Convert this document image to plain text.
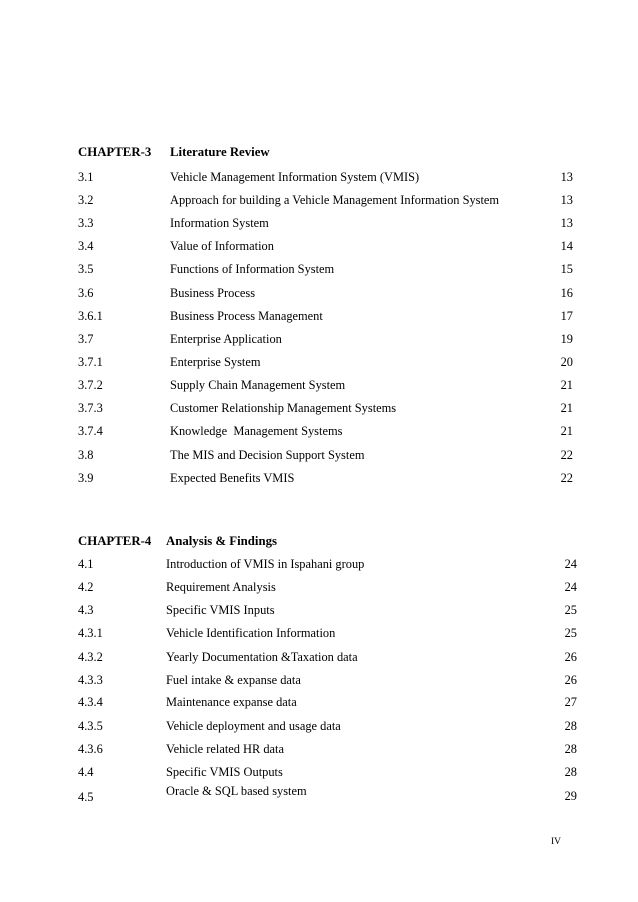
CHAPTER-3 Literature Review
3.1	Vehicle Management Information System (VMIS)	13
3.2	Approach for building a Vehicle Management Information System	13
3.3	Information System	13
3.4	Value of Information	14
3.5	Functions of Information System	15
3.6	Business Process	16
3.6.1	Business Process Management	17
3.7	Enterprise Application	19
3.7.1	Enterprise System	20
3.7.2	Supply Chain Management System	21
3.7.3	Customer Relationship Management Systems	21
3.7.4	Knowledge  Management Systems	21
3.8	The MIS and Decision Support System	22
3.9	Expected Benefits VMIS	22
CHAPTER-4 Analysis & Findings
4.1	Introduction of VMIS in Ispahani group	24
4.2	Requirement Analysis	24
4.3	Specific VMIS Inputs	25
4.3.1	Vehicle Identification Information	25
4.3.2	Yearly Documentation &Taxation data	26
4.3.3	Fuel intake & expanse data	26
4.3.4	Maintenance expanse data	27
4.3.5	Vehicle deployment and usage data	28
4.3.6	Vehicle related HR data	28
4.4	Specific VMIS Outputs	28
4.5	Oracle & SQL based system	29
IV
